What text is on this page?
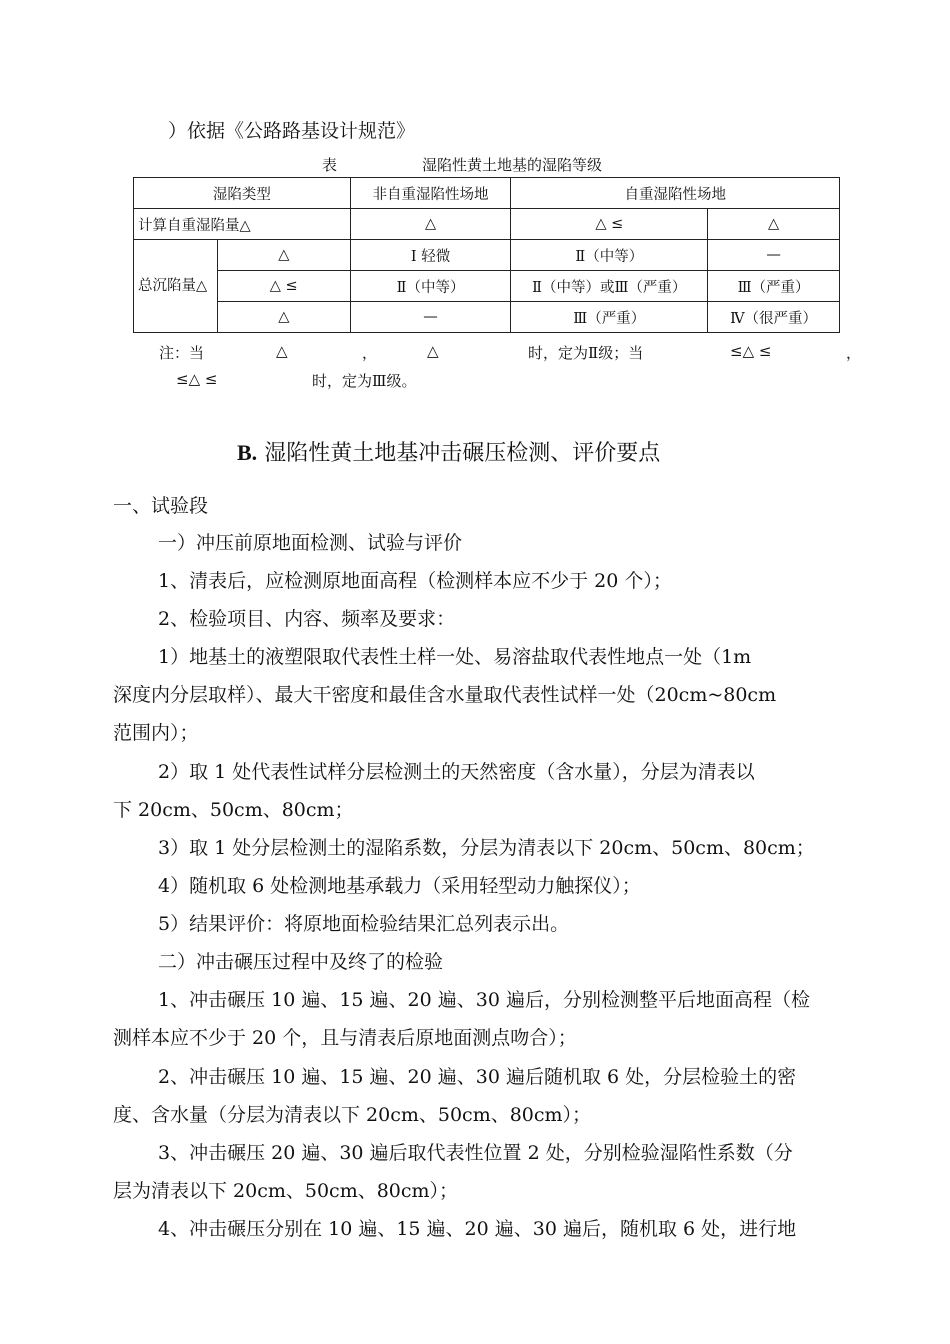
）依据《公路路基设计规范》
表	湿陷性黄土地基的湿陷等级
湿陷类型		非自重湿陷性场地	自重湿陷性场地	
计算自重湿陷量△		△	△ ≤	△
总沉陷量△	△	Ⅰ 轻微	Ⅱ（中等）	—
	△ ≤	Ⅱ（中等）	Ⅱ（中等）或Ⅲ（严重）	Ⅲ（严重）
	△	—	Ⅲ（严重）	Ⅳ（很严重）
注：当	△	，	△	时，定为Ⅱ级；当	≤△ ≤	，
≤△ ≤	时，定为Ⅲ级。
B. 湿陷性黄土地基冲击碾压检测、评价要点
一、试验段
一）冲压前原地面检测、试验与评价
1、清表后，应检测原地面高程（检测样本应不少于 20 个）；
2、检验项目、内容、频率及要求：
1）地基土的液塑限取代表性土样一处、易溶盐取代表性地点一处（1m
深度内分层取样）、最大干密度和最佳含水量取代表性试样一处（20cm~80cm
范围内）；
2）取 1 处代表性试样分层检测土的天然密度（含水量），分层为清表以
下 20cm、50cm、80cm；
3）取 1 处分层检测土的湿陷系数，分层为清表以下 20cm、50cm、80cm；
4）随机取 6 处检测地基承载力（采用轻型动力触探仪）；
5）结果评价：将原地面检验结果汇总列表示出。
二）冲击碾压过程中及终了的检验
1、冲击碾压 10 遍、15 遍、20 遍、30 遍后，分别检测整平后地面高程（检
测样本应不少于 20 个，且与清表后原地面测点吻合）；
2、冲击碾压 10 遍、15 遍、20 遍、30 遍后随机取 6 处，分层检验土的密
度、含水量（分层为清表以下 20cm、50cm、80cm）；
3、冲击碾压 20 遍、30 遍后取代表性位置 2 处，分别检验湿陷性系数（分
层为清表以下 20cm、50cm、80cm）；
4、冲击碾压分别在 10 遍、15 遍、20 遍、30 遍后，随机取 6 处，进行地
